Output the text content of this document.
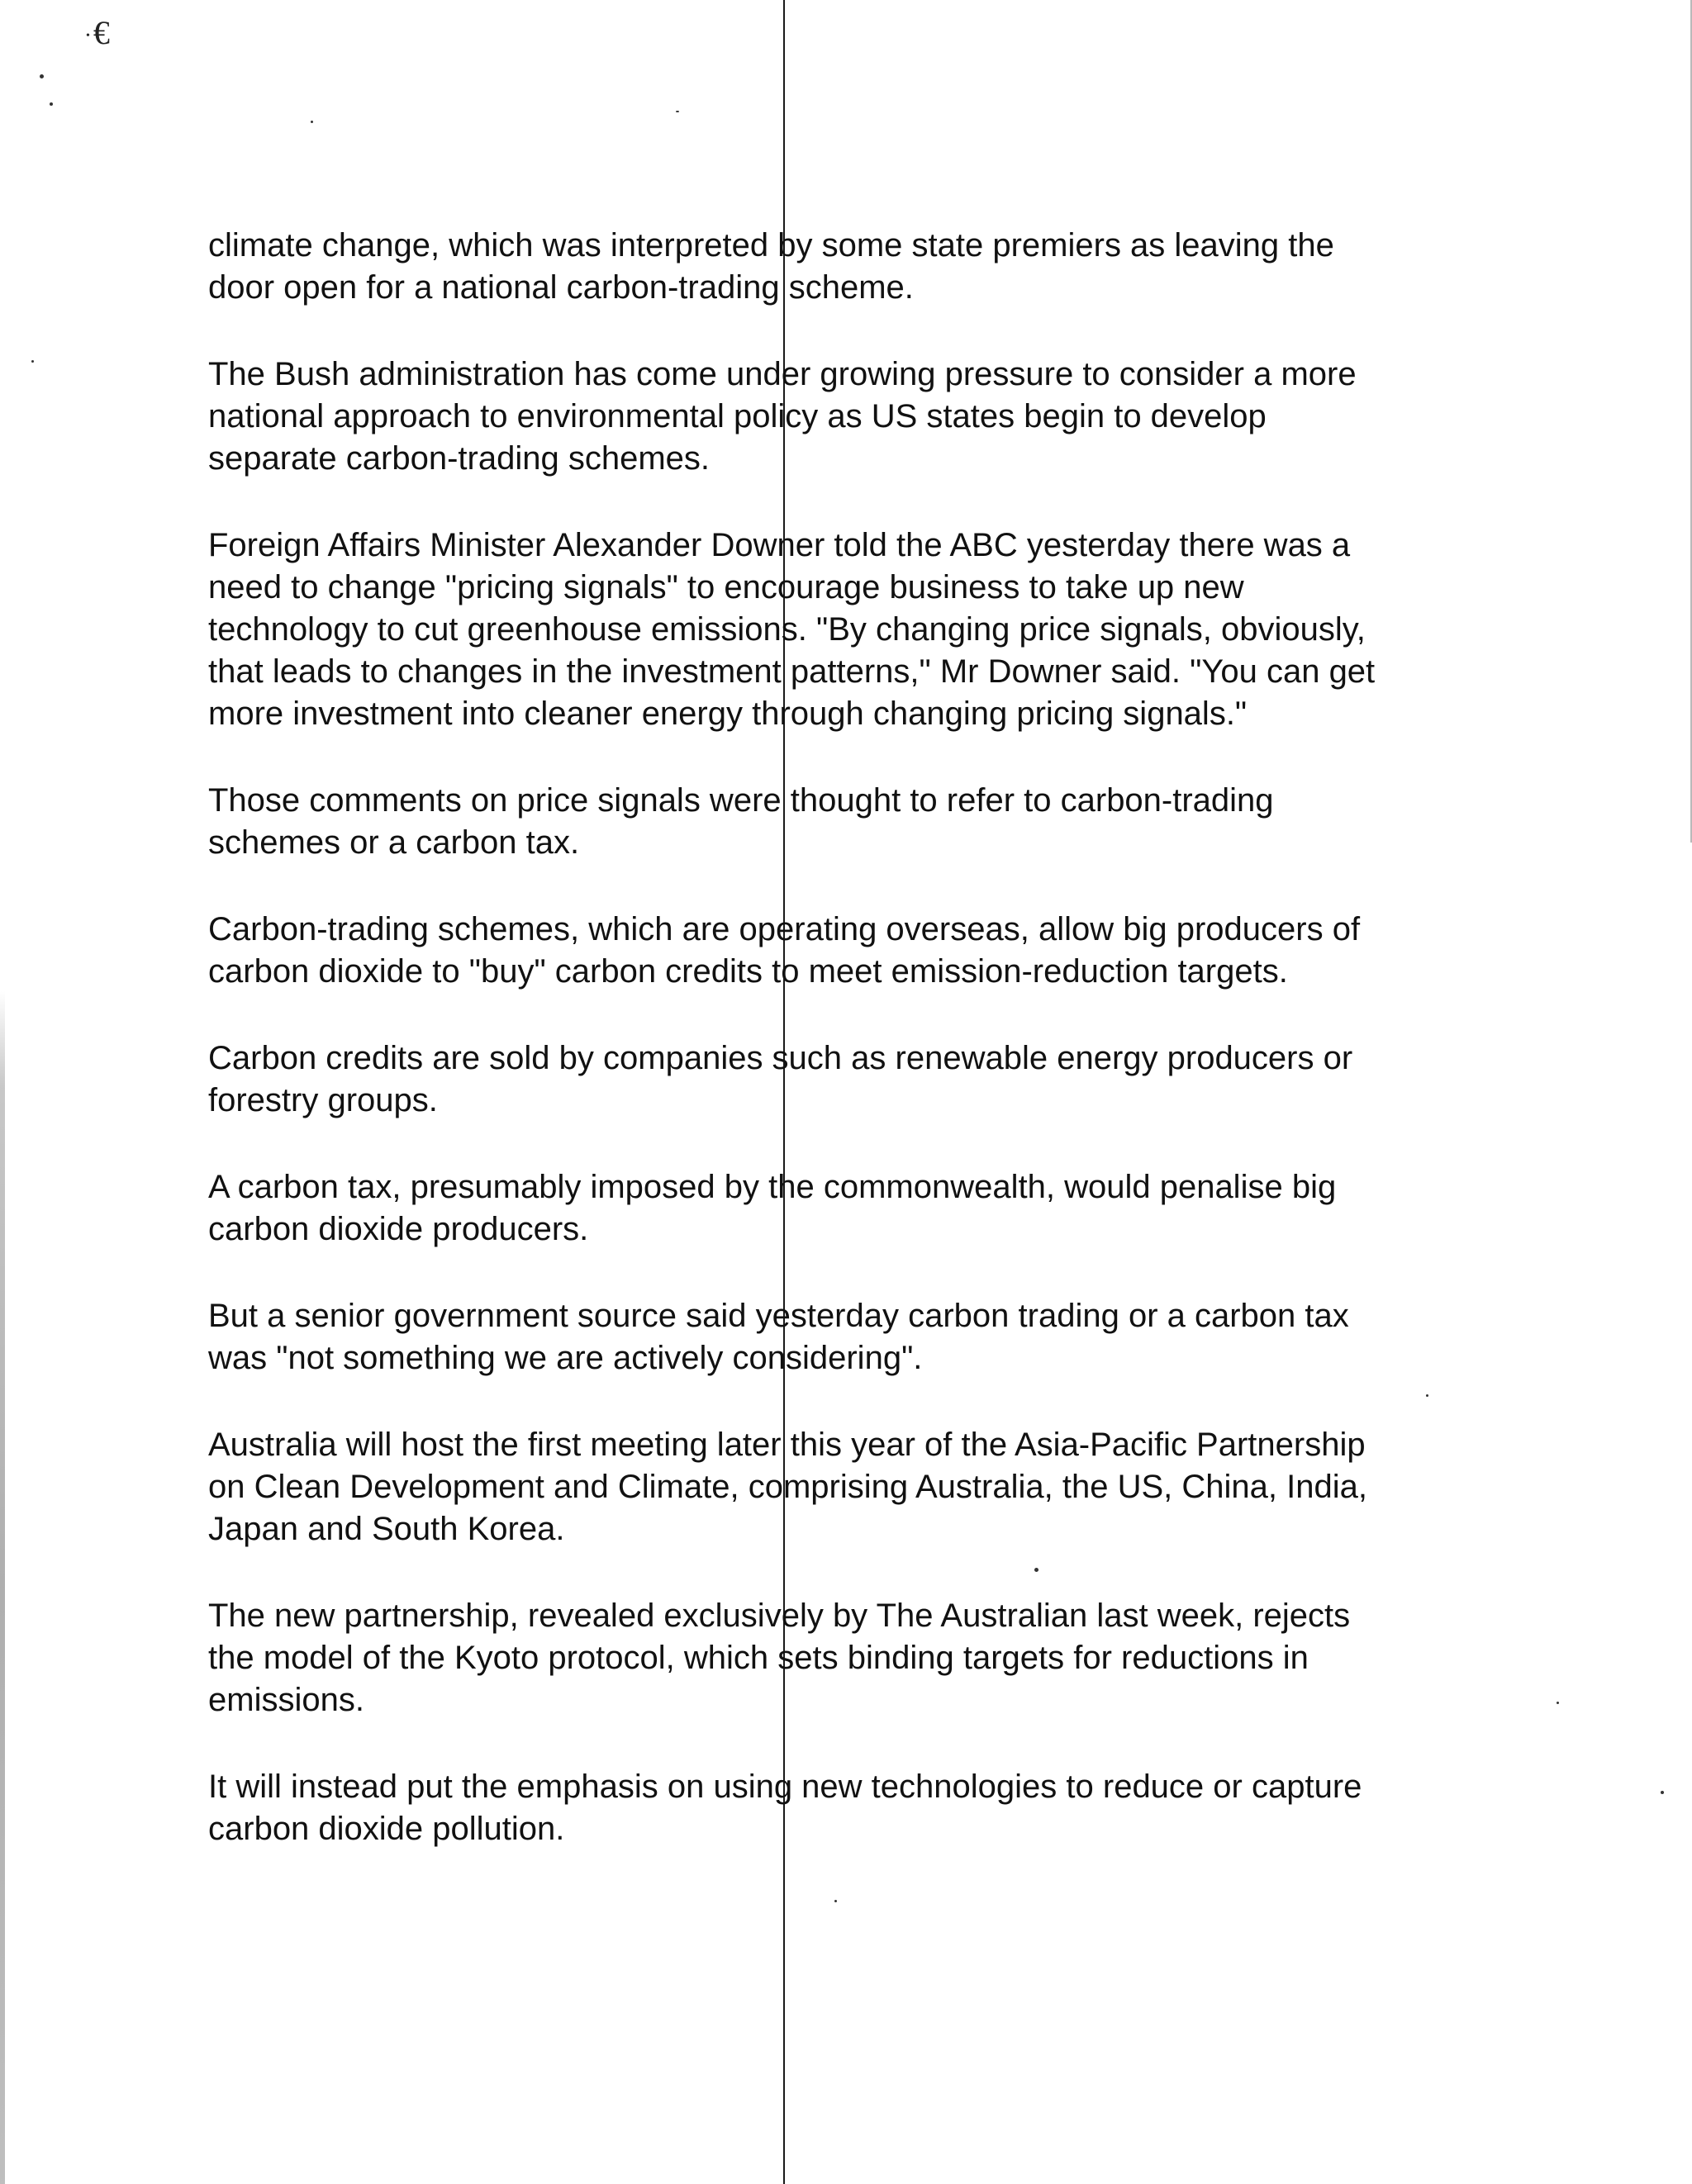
• €

climate change, which was interpreted by some state premiers as leaving the
door open for a national carbon-trading scheme.

The Bush administration has come under growing pressure to consider a more
national approach to environmental policy as US states begin to develop
separate carbon-trading schemes.

Foreign Affairs Minister Alexander Downer told the ABC yesterday there was a
need to change "pricing signals" to encourage business to take up new
technology to cut greenhouse emissions. "By changing price signals, obviously,
that leads to changes in the investment patterns," Mr Downer said. "You can get
more investment into cleaner energy through changing pricing signals."

Those comments on price signals were thought to refer to carbon-trading
schemes or a carbon tax.

Carbon-trading schemes, which are operating overseas, allow big producers of
carbon dioxide to "buy" carbon credits to meet emission-reduction targets.

Carbon credits are sold by companies such as renewable energy producers or
forestry groups.

A carbon tax, presumably imposed by the commonwealth, would penalise big
carbon dioxide producers.

But a senior government source said yesterday carbon trading or a carbon tax
was "not something we are actively considering".

Australia will host the first meeting later this year of the Asia-Pacific Partnership
on Clean Development and Climate, comprising Australia, the US, China, India,
Japan and South Korea.

The new partnership, revealed exclusively by The Australian last week, rejects
the model of the Kyoto protocol, which sets binding targets for reductions in
emissions.

It will instead put the emphasis on using new technologies to reduce or capture
carbon dioxide pollution.
